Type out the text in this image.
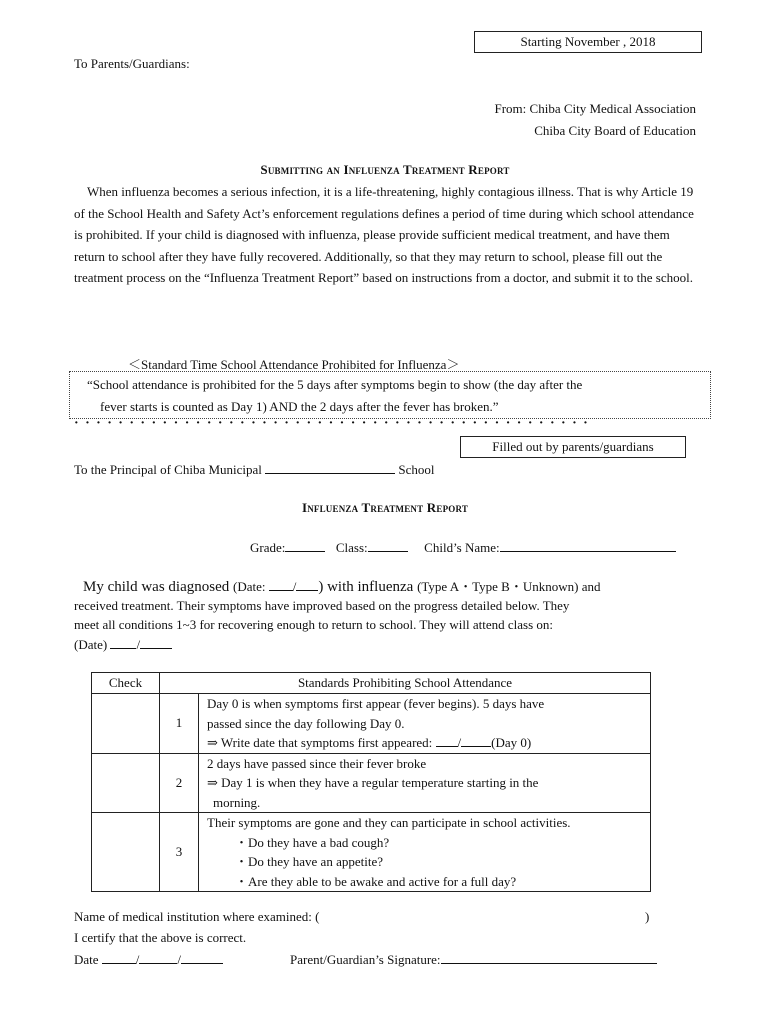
Starting November , 2018
To Parents/Guardians:
From: Chiba City Medical Association
Chiba City Board of Education
Submitting an Influenza Treatment Report
When influenza becomes a serious infection, it is a life-threatening, highly contagious illness. That is why Article 19 of the School Health and Safety Act’s enforcement regulations defines a period of time during which school attendance is prohibited. If your child is diagnosed with influenza, please provide sufficient medical treatment, and have them return to school after they have fully recovered. Additionally, so that they may return to school, please fill out the treatment process on the “Influenza Treatment Report” based on instructions from a doctor, and submit it to the school.
＜Standard Time School Attendance Prohibited for Influenza＞
“School attendance is prohibited for the 5 days after symptoms begin to show (the day after the
fever starts is counted as Day 1) AND the 2 days after the fever has broken.”
···············································
Filled out by parents/guardians
To the Principal of Chiba Municipal	School
Influenza Treatment Report
Grade:	Class:	Child’s Name:
My child was diagnosed (Date: / ) with influenza (Type A・Type B・Unknown) and
received treatment. Their symptoms have improved based on the progress detailed below. They
meet all conditions 1~3 for recovering enough to return to school. They will attend class on:
(Date) /
Check	Standards Prohibiting School Attendance	
	1	Day 0 is when symptoms first appear (fever begins). 5 days have
passed since the day following Day 0.
⇒ Write date that symptoms first appeared: / (Day 0)

	2	2 days have passed since their fever broke
⇒ Day 1 is when they have a regular temperature starting in the
morning.

	3	Their symptoms are gone and they can participate in school activities.
・Do they have a bad cough?
・Do they have an appetite?
・Are they able to be awake and active for a full day?
Name of medical institution where examined: (	)
I certify that the above is correct.
Date	/	/	Parent/Guardian’s Signature:
